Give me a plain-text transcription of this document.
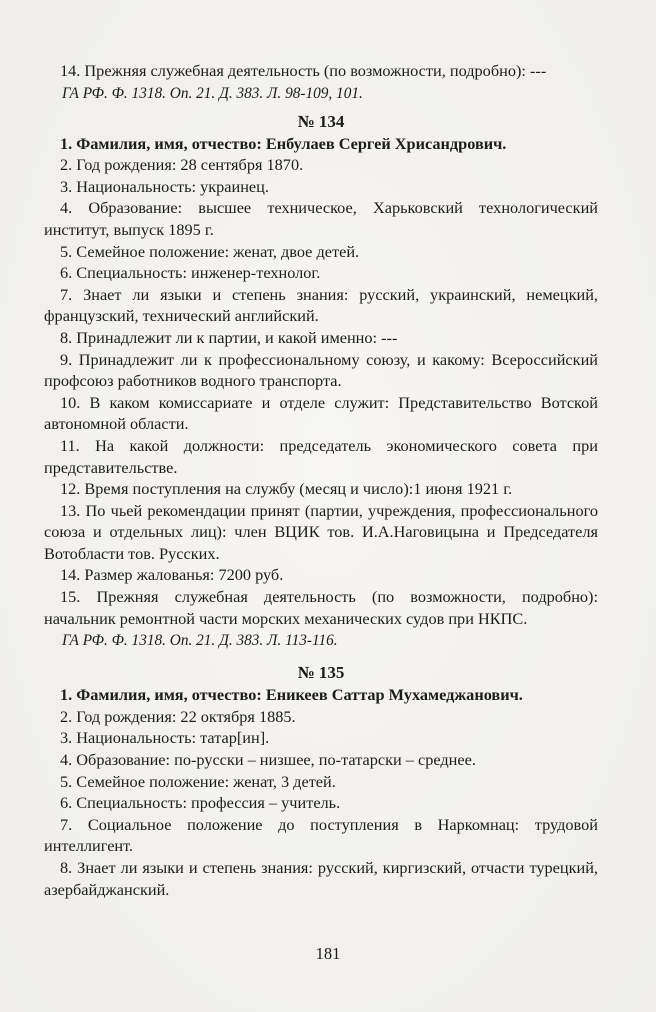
14. Прежняя служебная деятельность (по возможности, подробно): ---

ГА РФ. Ф. 1318. Оп. 21. Д. 383. Л. 98-109, 101.

№ 134

1. Фамилия, имя, отчество: Енбулаев Сергей Хрисандрович.

2. Год рождения: 28 сентября 1870.

3. Национальность: украинец.

4. Образование: высшее техническое, Харьковский технологический институт, выпуск 1895 г.

5. Семейное положение: женат, двое детей.

6. Специальность: инженер-технолог.

7. Знает ли языки и степень знания: русский, украинский, немецкий, французский, технический английский.

8. Принадлежит ли к партии, и какой именно: ---

9. Принадлежит ли к профессиональному союзу, и какому: Всероссийский профсоюз работников водного транспорта.

10. В каком комиссариате и отделе служит: Представительство Вотской автономной области.

11. На какой должности: председатель экономического совета при представительстве.

12. Время поступления на службу (месяц и число):1 июня 1921 г.

13. По чьей рекомендации принят (партии, учреждения, профессионального союза и отдельных лиц): член ВЦИК тов. И.А.Наговицына и Председателя Вотобласти тов. Русских.

14. Размер жалованья: 7200 руб.

15. Прежняя служебная деятельность (по возможности, подробно): начальник ремонтной части морских механических судов при НКПС.

ГА РФ. Ф. 1318. Оп. 21. Д. 383. Л. 113-116.

№ 135

1. Фамилия, имя, отчество: Еникеев Саттар Мухамеджанович.

2. Год рождения: 22 октября 1885.

3. Национальность: татар[ин].

4. Образование: по-русски – низшее, по-татарски – среднее.

5. Семейное положение: женат, 3 детей.

6. Специальность: профессия – учитель.

7. Социальное положение до поступления в Наркомнац: трудовой интеллигент.

8. Знает ли языки и степень знания: русский, киргизский, отчасти турецкий, азербайджанский.

181
